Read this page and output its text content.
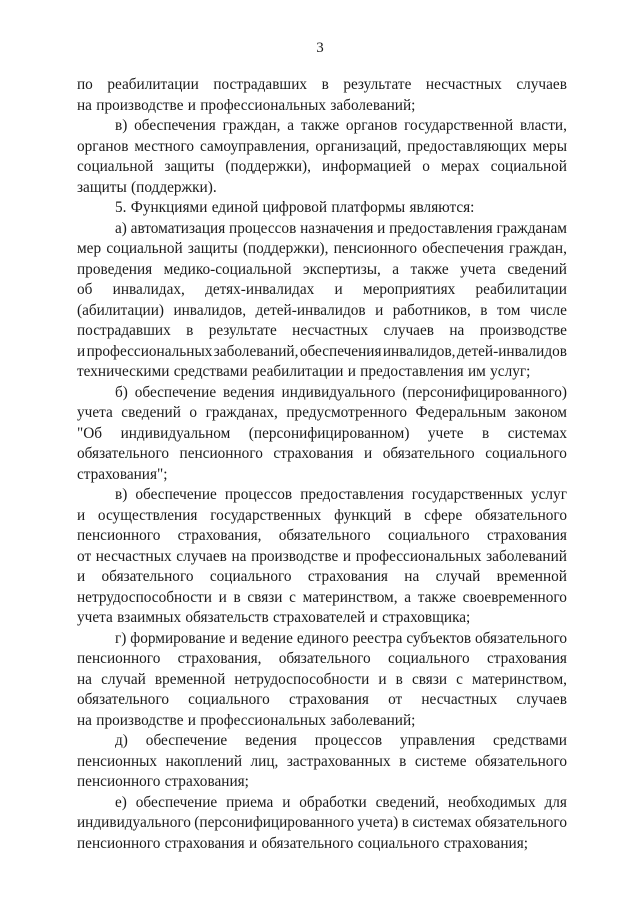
3
по реабилитации пострадавших в результате несчастных случаев
на производстве и профессиональных заболеваний;
в) обеспечения граждан, а также органов государственной власти,
органов местного самоуправления, организаций, предоставляющих меры
социальной защиты (поддержки), информацией о мерах социальной
защиты (поддержки).
5. Функциями единой цифровой платформы являются:
а) автоматизация процессов назначения и предоставления гражданам
мер социальной защиты (поддержки), пенсионного обеспечения граждан,
проведения медико-социальной экспертизы, а также учета сведений
об инвалидах, детях-инвалидах и мероприятиях реабилитации
(абилитации) инвалидов, детей-инвалидов и работников, в том числе
пострадавших в результате несчастных случаев на производстве
и профессиональных заболеваний, обеспечения инвалидов, детей-инвалидов
техническими средствами реабилитации и предоставления им услуг;
б) обеспечение ведения индивидуального (персонифицированного)
учета сведений о гражданах, предусмотренного Федеральным законом
"Об индивидуальном (персонифицированном) учете в системах
обязательного пенсионного страхования и обязательного социального
страхования";
в) обеспечение процессов предоставления государственных услуг
и осуществления государственных функций в сфере обязательного
пенсионного страхования, обязательного социального страхования
от несчастных случаев на производстве и профессиональных заболеваний
и обязательного социального страхования на случай временной
нетрудоспособности и в связи с материнством, а также своевременного
учета взаимных обязательств страхователей и страховщика;
г) формирование и ведение единого реестра субъектов обязательного
пенсионного страхования, обязательного социального страхования
на случай временной нетрудоспособности и в связи с материнством,
обязательного социального страхования от несчастных случаев
на производстве и профессиональных заболеваний;
д) обеспечение ведения процессов управления средствами
пенсионных накоплений лиц, застрахованных в системе обязательного
пенсионного страхования;
е) обеспечение приема и обработки сведений, необходимых для
индивидуального (персонифицированного учета) в системах обязательного
пенсионного страхования и обязательного социального страхования;
